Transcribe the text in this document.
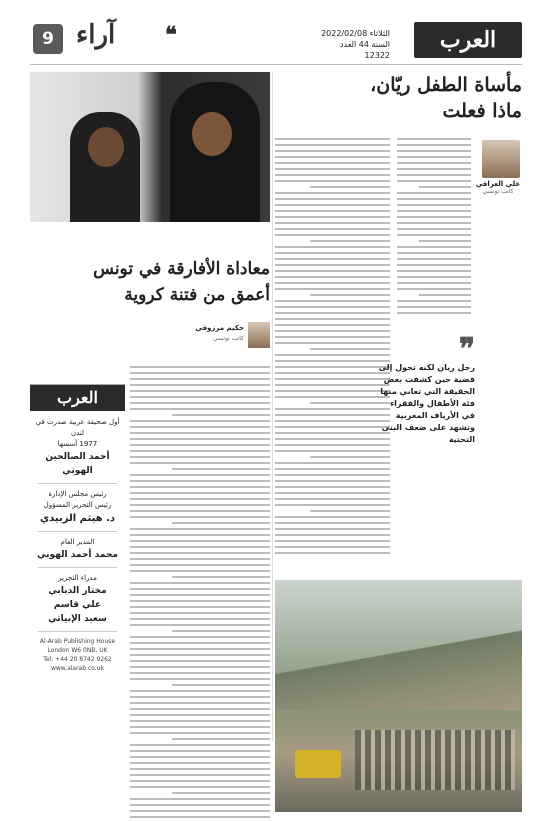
9 آراء ❝	الثلاثاء 2022/02/08
السنة 44 العدد 12322
العرب
مأساة الطفل ريّان،
ماذا فعلت
علي العراقي
كاتب تونسي
❞
رحل ريان لكنه تحول إلى قضية حين كشفت بعض الحقيقة التي تعاني منها فئة الأطفال والفقراء في الأرياف المغربية وتشهد على ضعف البنى التحتية
معاداة الأفارقة في تونس
أعمق من فتنة كروية
حكيم مرزوقي
كاتب تونسي
العرب
أول صحيفة عربية صدرت في لندن
1977 أسسها
أحمد الصالحين الهوني
رئيس مجلس الإدارة
رئيس التحرير المسؤول
د. هيثم الزبيدي
المدير العام
محمد أحمد الهوني
مدراء التحرير
مختار الدبابي
علي قاسم
سعيد الإبياتي
Al-Arab Publishing House
London W6 0NB, UK
Tel: +44 20 8742 9262
www.alarab.co.uk
